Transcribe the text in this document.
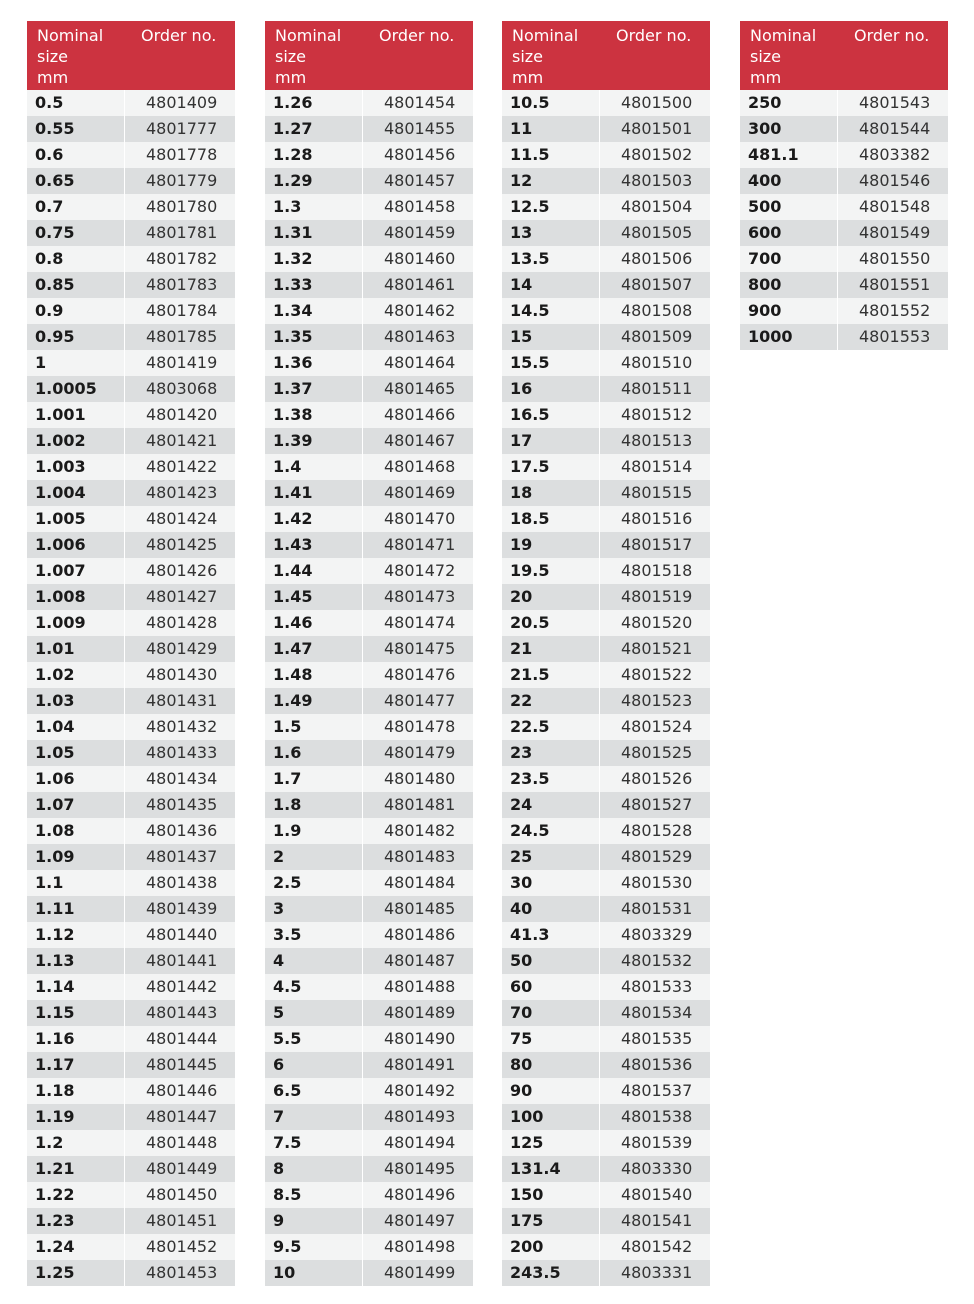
Nominal
size
mm
Order no.
0.5	4801409
0.55	4801777
0.6	4801778
0.65	4801779
0.7	4801780
0.75	4801781
0.8	4801782
0.85	4801783
0.9	4801784
0.95	4801785
1	4801419
1.0005	4803068
1.001	4801420
1.002	4801421
1.003	4801422
1.004	4801423
1.005	4801424
1.006	4801425
1.007	4801426
1.008	4801427
1.009	4801428
1.01	4801429
1.02	4801430
1.03	4801431
1.04	4801432
1.05	4801433
1.06	4801434
1.07	4801435
1.08	4801436
1.09	4801437
1.1	4801438
1.11	4801439
1.12	4801440
1.13	4801441
1.14	4801442
1.15	4801443
1.16	4801444
1.17	4801445
1.18	4801446
1.19	4801447
1.2	4801448
1.21	4801449
1.22	4801450
1.23	4801451
1.24	4801452
1.25	4801453
Nominal
size
mm
Order no.
1.26	4801454
1.27	4801455
1.28	4801456
1.29	4801457
1.3	4801458
1.31	4801459
1.32	4801460
1.33	4801461
1.34	4801462
1.35	4801463
1.36	4801464
1.37	4801465
1.38	4801466
1.39	4801467
1.4	4801468
1.41	4801469
1.42	4801470
1.43	4801471
1.44	4801472
1.45	4801473
1.46	4801474
1.47	4801475
1.48	4801476
1.49	4801477
1.5	4801478
1.6	4801479
1.7	4801480
1.8	4801481
1.9	4801482
2	4801483
2.5	4801484
3	4801485
3.5	4801486
4	4801487
4.5	4801488
5	4801489
5.5	4801490
6	4801491
6.5	4801492
7	4801493
7.5	4801494
8	4801495
8.5	4801496
9	4801497
9.5	4801498
10	4801499
Nominal
size
mm
Order no.
10.5	4801500
11	4801501
11.5	4801502
12	4801503
12.5	4801504
13	4801505
13.5	4801506
14	4801507
14.5	4801508
15	4801509
15.5	4801510
16	4801511
16.5	4801512
17	4801513
17.5	4801514
18	4801515
18.5	4801516
19	4801517
19.5	4801518
20	4801519
20.5	4801520
21	4801521
21.5	4801522
22	4801523
22.5	4801524
23	4801525
23.5	4801526
24	4801527
24.5	4801528
25	4801529
30	4801530
40	4801531
41.3	4803329
50	4801532
60	4801533
70	4801534
75	4801535
80	4801536
90	4801537
100	4801538
125	4801539
131.4	4803330
150	4801540
175	4801541
200	4801542
243.5	4803331
Nominal
size
mm
Order no.
250	4801543
300	4801544
481.1	4803382
400	4801546
500	4801548
600	4801549
700	4801550
800	4801551
900	4801552
1000	4801553
